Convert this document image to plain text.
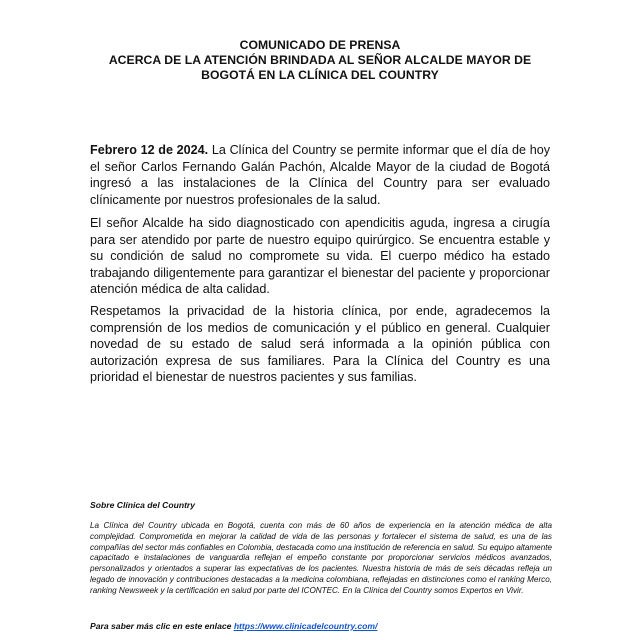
COMUNICADO DE PRENSA
ACERCA DE LA ATENCIÓN BRINDADA AL SEÑOR ALCALDE MAYOR DE
BOGOTÁ EN LA CLÍNICA DEL COUNTRY

Febrero 12 de 2024. La Clínica del Country se permite informar que el día de hoy el señor Carlos Fernando Galán Pachón, Alcalde Mayor de la ciudad de Bogotá ingresó a las instalaciones de la Clínica del Country para ser evaluado clínicamente por nuestros profesionales de la salud.

El señor Alcalde ha sido diagnosticado con apendicitis aguda, ingresa a cirugía para ser atendido por parte de nuestro equipo quirúrgico. Se encuentra estable y su condición de salud no compromete su vida. El cuerpo médico ha estado trabajando diligentemente para garantizar el bienestar del paciente y proporcionar atención médica de alta calidad.

Respetamos la privacidad de la historia clínica, por ende, agradecemos la comprensión de los medios de comunicación y el público en general. Cualquier novedad de su estado de salud será informada a la opinión pública con autorización expresa de sus familiares. Para la Clínica del Country es una prioridad el bienestar de nuestros pacientes y sus familias.

Sobre Clínica del Country

La Clínica del Country ubicada en Bogotá, cuenta con más de 60 años de experiencia en la atención médica de alta complejidad. Comprometida en mejorar la calidad de vida de las personas y fortalecer el sistema de salud, es una de las compañías del sector más confiables en Colombia, destacada como una institución de referencia en salud. Su equipo altamente capacitado e instalaciones de vanguardia reflejan el empeño constante por proporcionar servicios médicos avanzados, personalizados y orientados a superar las expectativas de los pacientes. Nuestra historia de más de seis décadas refleja un legado de innovación y contribuciones destacadas a la medicina colombiana, reflejadas en distinciones como el ranking Merco, ranking Newsweek y la certificación en salud por parte del ICONTEC. En la Clínica del Country somos Expertos en Vivir.

Para saber más clic en este enlace https://www.clinicadelcountry.com/
